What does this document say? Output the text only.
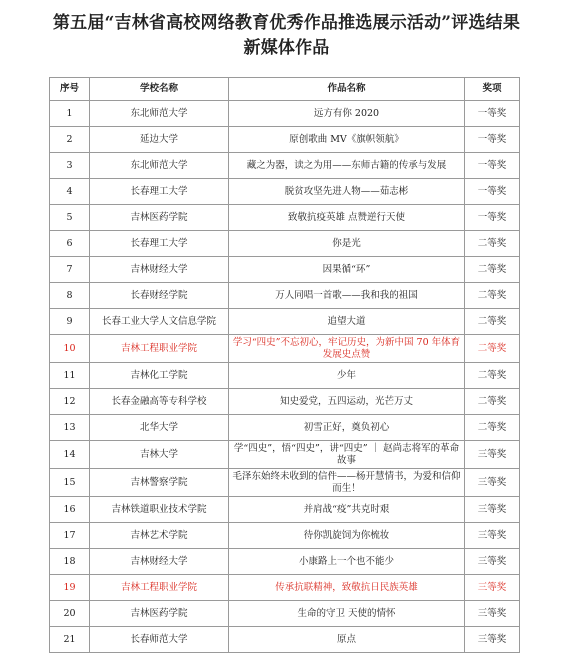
第五届“吉林省高校网络教育优秀作品推选展示活动”评选结果
新媒体作品
序号	学校名称	作品名称	奖项
1	东北师范大学	远方有你 2020	一等奖
2	延边大学	原创歌曲 MV《旗帜领航》	一等奖
3	东北师范大学	藏之为器，读之为用——东师古籍的传承与发展	一等奖
4	长春理工大学	脱贫攻坚先进人物——茹志彬	一等奖
5	吉林医药学院	致敬抗疫英雄 点赞逆行天使	一等奖
6	长春理工大学	你是光	二等奖
7	吉林财经大学	因果循“环”	二等奖
8	长春财经学院	万人同唱一首歌——我和我的祖国	二等奖
9	长春工业大学人文信息学院	追望大道	二等奖
10	吉林工程职业学院	学习“四史”不忘初心，牢记历史，为新中国 70 年体育发展史点赞	二等奖
11	吉林化工学院	少年	二等奖
12	长春金融高等专科学校	知史爱党，五四运动，光芒万丈	二等奖
13	北华大学	初雪正好，奠负初心	二等奖
14	吉林大学	学“四史”，悟“四史”，讲“四史” ｜ 赵尚志将军的革命故事	三等奖
15	吉林警察学院	毛泽东始终未收到的信件——杨开慧情书，为爱和信仰而生！	三等奖
16	吉林铁道职业技术学院	并肩战“疫”共克时艰	三等奖
17	吉林艺术学院	待你凯旋饲为你梳妆	三等奖
18	吉林财经大学	小康路上一个也不能少	三等奖
19	吉林工程职业学院	传承抗联精神，致敬抗日民族英雄	三等奖
20	吉林医药学院	生命的守卫 天使的情怀	三等奖
21	长春师范大学	原点	三等奖
